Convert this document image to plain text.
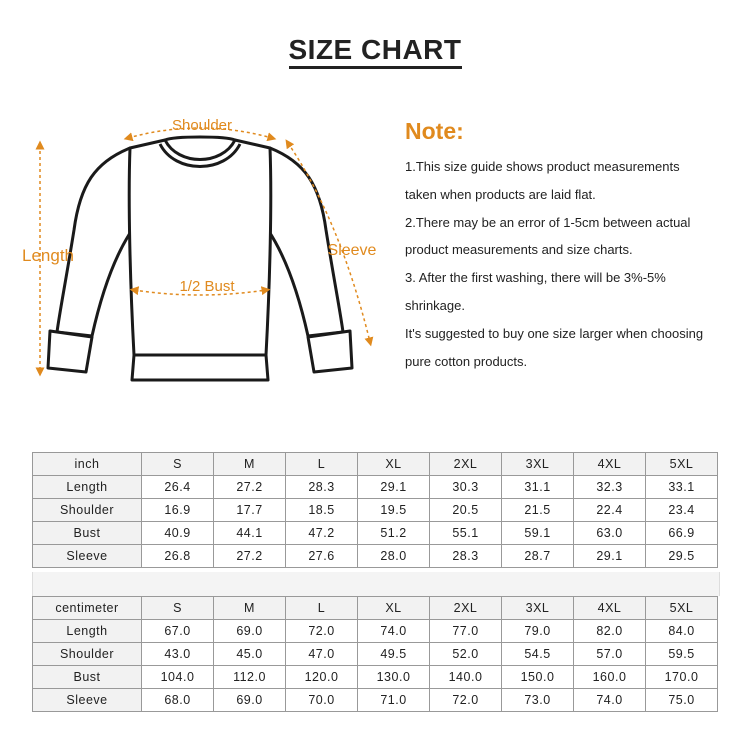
SIZE CHART
Shoulder
Length	Sleeve
1/2 Bust
Note:
1.This size guide shows product measurements
taken when products are laid flat.
2.There may be an error of 1-5cm between actual
product measurements and size charts.
3. After the first washing, there will be 3%-5%
shrinkage.
It's suggested to buy one size larger when choosing
pure cotton products.
inch	S	M	L	XL	2XL	3XL	4XL	5XL
Length	26.4	27.2	28.3	29.1	30.3	31.1	32.3	33.1
Shoulder	16.9	17.7	18.5	19.5	20.5	21.5	22.4	23.4
Bust	40.9	44.1	47.2	51.2	55.1	59.1	63.0	66.9
Sleeve	26.8	27.2	27.6	28.0	28.3	28.7	29.1	29.5
centimeter	S	M	L	XL	2XL	3XL	4XL	5XL
Length	67.0	69.0	72.0	74.0	77.0	79.0	82.0	84.0
Shoulder	43.0	45.0	47.0	49.5	52.0	54.5	57.0	59.5
Bust	104.0	112.0	120.0	130.0	140.0	150.0	160.0	170.0
Sleeve	68.0	69.0	70.0	71.0	72.0	73.0	74.0	75.0
